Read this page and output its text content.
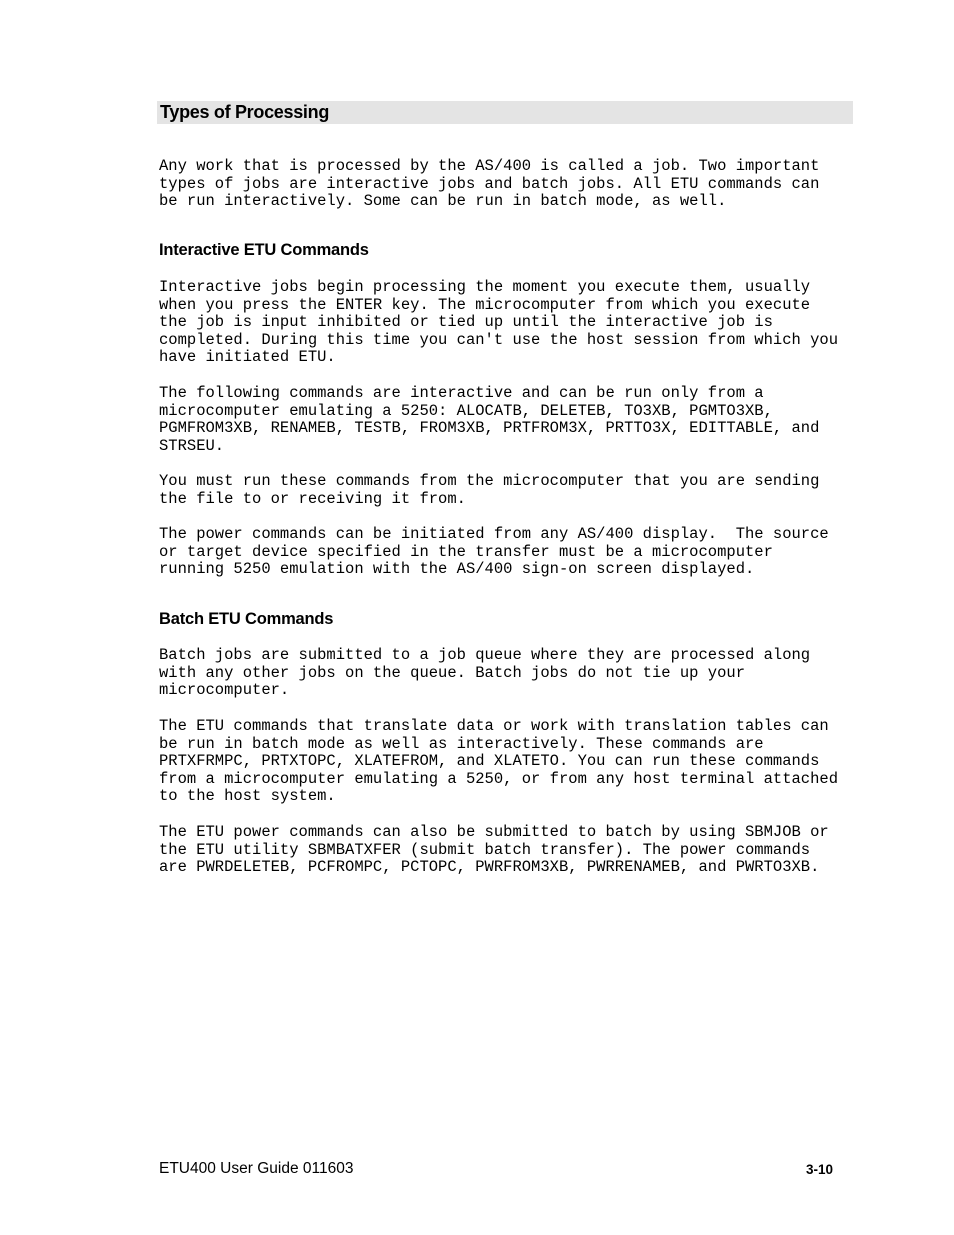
Types of Processing

Any work that is processed by the AS/400 is called a job. Two important
types of jobs are interactive jobs and batch jobs. All ETU commands can
be run interactively. Some can be run in batch mode, as well.

Interactive ETU Commands

Interactive jobs begin processing the moment you execute them, usually
when you press the ENTER key. The microcomputer from which you execute
the job is input inhibited or tied up until the interactive job is
completed. During this time you can't use the host session from which you
have initiated ETU.

The following commands are interactive and can be run only from a
microcomputer emulating a 5250: ALOCATB, DELETEB, TO3XB, PGMTO3XB,
PGMFROM3XB, RENAMEB, TESTB, FROM3XB, PRTFROM3X, PRTTO3X, EDITTABLE, and
STRSEU.

You must run these commands from the microcomputer that you are sending
the file to or receiving it from.

The power commands can be initiated from any AS/400 display.  The source
or target device specified in the transfer must be a microcomputer
running 5250 emulation with the AS/400 sign-on screen displayed.

Batch ETU Commands

Batch jobs are submitted to a job queue where they are processed along
with any other jobs on the queue. Batch jobs do not tie up your
microcomputer.

The ETU commands that translate data or work with translation tables can
be run in batch mode as well as interactively. These commands are
PRTXFRMPC, PRTXTOPC, XLATEFROM, and XLATETO. You can run these commands
from a microcomputer emulating a 5250, or from any host terminal attached
to the host system.

The ETU power commands can also be submitted to batch by using SBMJOB or
the ETU utility SBMBATXFER (submit batch transfer). The power commands
are PWRDELETEB, PCFROMPC, PCTOPC, PWRFROM3XB, PWRRENAMEB, and PWRTO3XB.

ETU400 User Guide 011603	3-10
